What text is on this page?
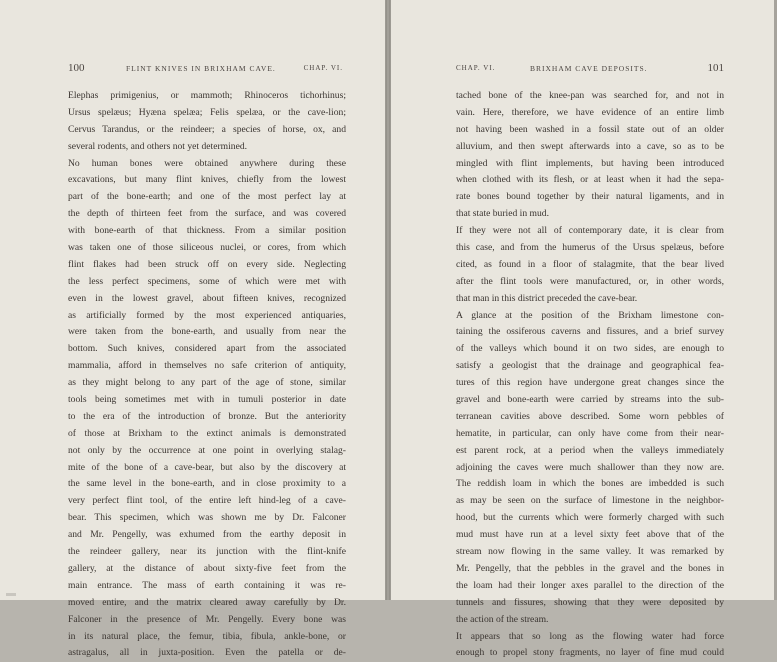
100	FLINT KNIVES IN BRIXHAM CAVE.	CHAP. VI.
Elephas primigenius, or mammoth; Rhinoceros tichorhinus;
Ursus spelæus; Hyæna spelæa; Felis spelæa, or the cave-lion;
Cervus Tarandus, or the reindeer; a species of horse, ox, and
several rodents, and others not yet determined.
No human bones were obtained anywhere during these
excavations, but many flint knives, chiefly from the lowest
part of the bone-earth; and one of the most perfect lay at
the depth of thirteen feet from the surface, and was covered
with bone-earth of that thickness. From a similar position
was taken one of those siliceous nuclei, or cores, from which
flint flakes had been struck off on every side. Neglecting
the less perfect specimens, some of which were met with
even in the lowest gravel, about fifteen knives, recognized
as artificially formed by the most experienced antiquaries,
were taken from the bone-earth, and usually from near the
bottom. Such knives, considered apart from the associated
mammalia, afford in themselves no safe criterion of antiquity,
as they might belong to any part of the age of stone, similar
tools being sometimes met with in tumuli posterior in date
to the era of the introduction of bronze. But the anteriority
of those at Brixham to the extinct animals is demonstrated
not only by the occurrence at one point in overlying stalag-
mite of the bone of a cave-bear, but also by the discovery at
the same level in the bone-earth, and in close proximity to a
very perfect flint tool, of the entire left hind-leg of a cave-
bear. This specimen, which was shown me by Dr. Falconer
and Mr. Pengelly, was exhumed from the earthy deposit in
the reindeer gallery, near its junction with the flint-knife
gallery, at the distance of about sixty-five feet from the
main entrance. The mass of earth containing it was re-
moved entire, and the matrix cleared away carefully by Dr.
Falconer in the presence of Mr. Pengelly. Every bone was
in its natural place, the femur, tibia, fibula, ankle-bone, or
astragalus, all in juxta-position. Even the patella or de-
CHAP. VI.	BRIXHAM CAVE DEPOSITS.	101
tached bone of the knee-pan was searched for, and not in
vain. Here, therefore, we have evidence of an entire limb
not having been washed in a fossil state out of an older
alluvium, and then swept afterwards into a cave, so as to be
mingled with flint implements, but having been introduced
when clothed with its flesh, or at least when it had the sepa-
rate bones bound together by their natural ligaments, and in
that state buried in mud.
If they were not all of contemporary date, it is clear from
this case, and from the humerus of the Ursus spelæus, before
cited, as found in a floor of stalagmite, that the bear lived
after the flint tools were manufactured, or, in other words,
that man in this district preceded the cave-bear.
A glance at the position of the Brixham limestone con-
taining the ossiferous caverns and fissures, and a brief survey
of the valleys which bound it on two sides, are enough to
satisfy a geologist that the drainage and geographical fea-
tures of this region have undergone great changes since the
gravel and bone-earth were carried by streams into the sub-
terranean cavities above described. Some worn pebbles of
hematite, in particular, can only have come from their near-
est parent rock, at a period when the valleys immediately
adjoining the caves were much shallower than they now are.
The reddish loam in which the bones are imbedded is such
as may be seen on the surface of limestone in the neighbor-
hood, but the currents which were formerly charged with such
mud must have run at a level sixty feet above that of the
stream now flowing in the same valley. It was remarked by
Mr. Pengelly, that the pebbles in the gravel and the bones in
the loam had their longer axes parallel to the direction of the
tunnels and fissures, showing that they were deposited by
the action of the stream.
It appears that so long as the flowing water had force
enough to propel stony fragments, no layer of fine mud could
